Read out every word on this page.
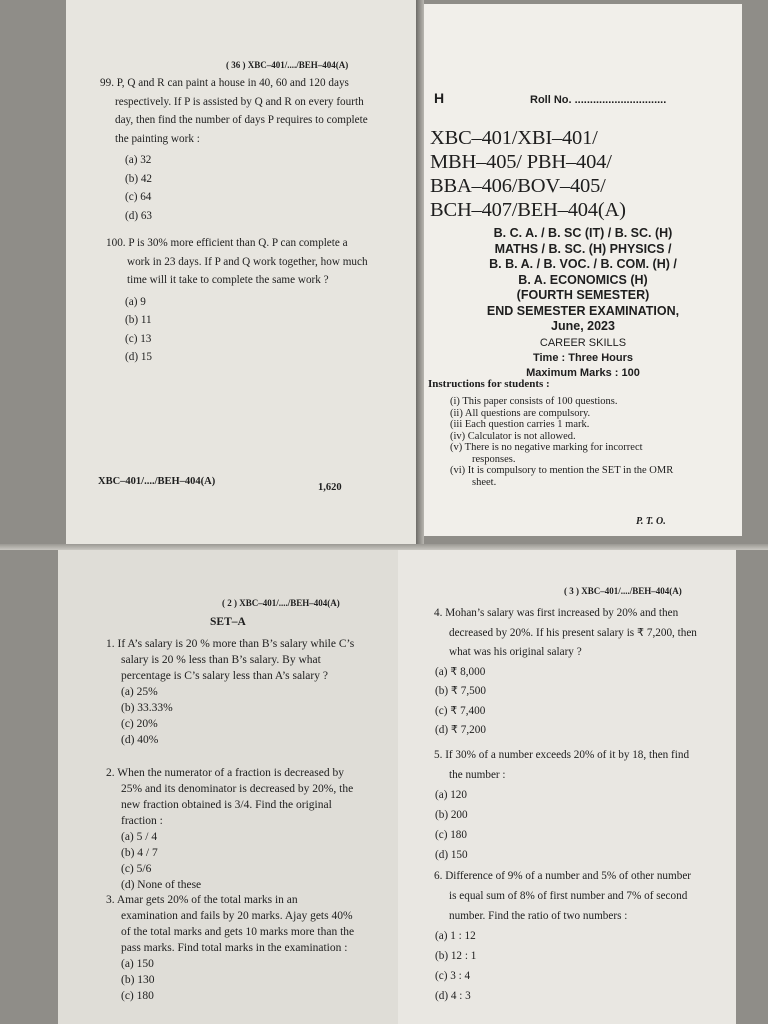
( 36 ) XBC–401/..../BEH–404(A)
99. P, Q and R can paint a house in 40, 60 and 120 days respectively. If P is assisted by Q and R on every fourth day, then find the number of days P requires to complete the painting work :
(a) 32
(b) 42
(c) 64
(d) 63
100. P is 30% more efficient than Q. P can complete a work in 23 days. If P and Q work together, how much time will it take to complete the same work ?
(a) 9
(b) 11
(c) 13
(d) 15
XBC–401/..../BEH–404(A)
1,620
H	Roll No. ..............................
XBC–401/XBI–401/
MBH–405/ PBH–404/
BBA–406/BOV–405/
BCH–407/BEH–404(A)
B. C. A. / B. SC (IT) / B. SC. (H)
MATHS / B. SC. (H) PHYSICS /
B. B. A. / B. VOC. / B. COM. (H) /
B. A. ECONOMICS (H)
(FOURTH SEMESTER)
END SEMESTER EXAMINATION,
June, 2023
CAREER SKILLS
Time : Three Hours
Maximum Marks : 100
Instructions for students :
(i) This paper consists of 100 questions.
(ii) All questions are compulsory.
(iii Each question carries 1 mark.
(iv) Calculator is not allowed.
(v) There is no negative marking for incorrect responses.
(vi) It is compulsory to mention the SET in the OMR sheet.
P. T. O.
( 2 ) XBC–401/..../BEH–404(A)
SET–A
1. If A’s salary is 20 % more than B’s salary while C’s salary is 20 % less than B’s salary. By what percentage is C’s salary less than A’s salary ?
(a) 25%
(b) 33.33%
(c) 20%
(d) 40%
2. When the numerator of a fraction is decreased by 25% and its denominator is decreased by 20%, the new fraction obtained is 3/4. Find the original fraction :
(a) 5 / 4
(b) 4 / 7
(c) 5/6
(d) None of these
3. Amar gets 20% of the total marks in an examination and fails by 20 marks. Ajay gets 40% of the total marks and gets 10 marks more than the pass marks. Find total marks in the examination :
(a) 150
(b) 130
(c) 180
( 3 ) XBC–401/..../BEH–404(A)
4. Mohan’s salary was first increased by 20% and then decreased by 20%. If his present salary is ₹ 7,200, then what was his original salary ?
(a) ₹ 8,000
(b) ₹ 7,500
(c) ₹ 7,400
(d) ₹ 7,200
5. If 30% of a number exceeds 20% of it by 18, then find the number :
(a) 120
(b) 200
(c) 180
(d) 150
6. Difference of 9% of a number and 5% of other number is equal sum of 8% of first number and 7% of second number. Find the ratio of two numbers :
(a) 1 : 12
(b) 12 : 1
(c) 3 : 4
(d) 4 : 3
